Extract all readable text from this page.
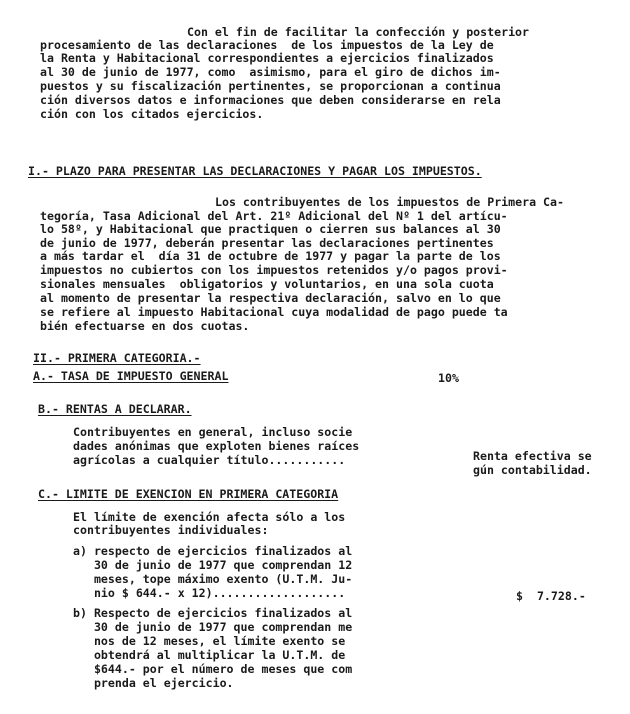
Con el fin de facilitar la confección y posterior
procesamiento de las declaraciones  de los impuestos de la Ley de
la Renta y Habitacional correspondientes a ejercicios finalizados
al 30 de junio de 1977, como  asimismo, para el giro de dichos im-
puestos y su fiscalización pertinentes, se proporcionan a continua
ción diversos datos e informaciones que deben considerarse en rela
ción con los citados ejercicios.
I.- PLAZO PARA PRESENTAR LAS DECLARACIONES Y PAGAR LOS IMPUESTOS.
Los contribuyentes de los impuestos de Primera Ca-
tegoría, Tasa Adicional del Art. 21º Adicional del Nº 1 del artícu-
lo 58º, y Habitacional que practiquen o cierren sus balances al 30
de junio de 1977, deberán presentar las declaraciones pertinentes
a más tardar el  día 31 de octubre de 1977 y pagar la parte de los
impuestos no cubiertos con los impuestos retenidos y/o pagos provi-
sionales mensuales  obligatorios y voluntarios, en una sola cuota
al momento de presentar la respectiva declaración, salvo en lo que
se refiere al impuesto Habitacional cuya modalidad de pago puede ta
bién efectuarse en dos cuotas.
II.- PRIMERA CATEGORIA.-
A.- TASA DE IMPUESTO GENERAL	10%
B.- RENTAS A DECLARAR.
Contribuyentes en general, incluso socie
dades anónimas que exploten bienes raíces
agrícolas a cualquier título...........	Renta efectiva se
gún contabilidad.
C.- LIMITE DE EXENCION EN PRIMERA CATEGORIA
El límite de exención afecta sólo a los
contribuyentes individuales:
a) respecto de ejercicios finalizados al
30 de junio de 1977 que comprendan 12
meses, tope máximo exento (U.T.M. Ju-
nio $ 644.- x 12)...................	$  7.728.-
b) Respecto de ejercicios finalizados al
30 de junio de 1977 que comprendan me
nos de 12 meses, el límite exento se
obtendrá al multiplicar la U.T.M. de
$644.- por el número de meses que com
prenda el ejercicio.
